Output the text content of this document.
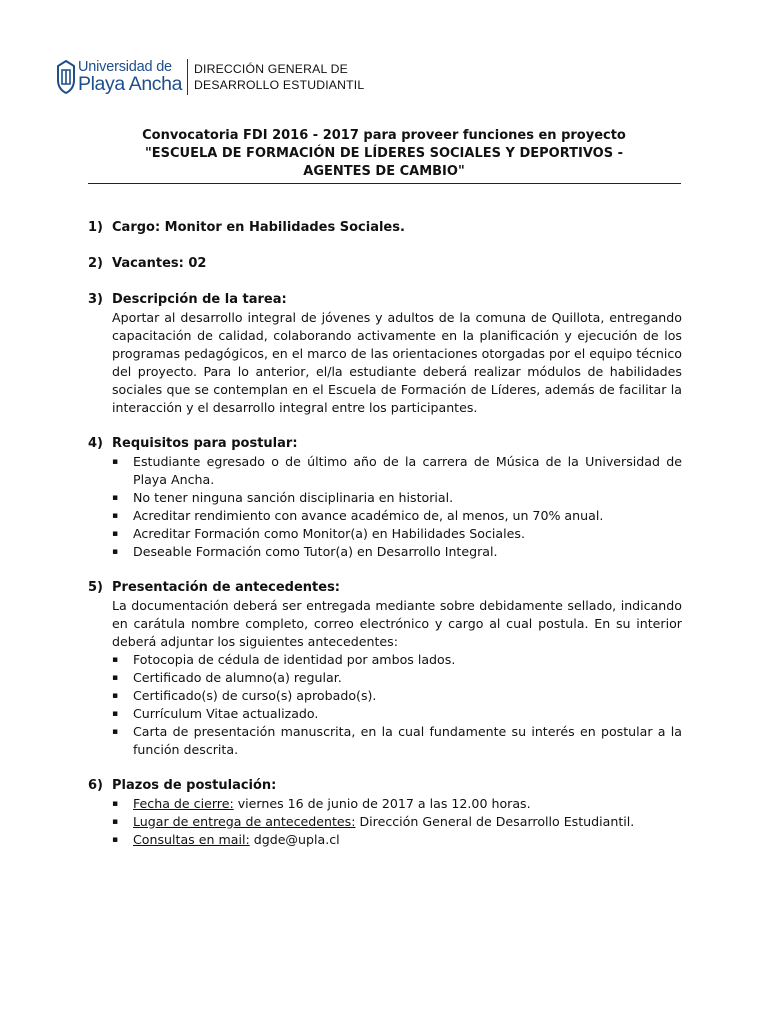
Universidad de
Playa Ancha
DIRECCIÓN GENERAL DE
DESARROLLO ESTUDIANTIL
Convocatoria FDI 2016 - 2017 para proveer funciones en proyecto
"ESCUELA DE FORMACIÓN DE LÍDERES SOCIALES Y DEPORTIVOS -
AGENTES DE CAMBIO"
1) Cargo: Monitor en Habilidades Sociales.
2) Vacantes: 02
3) Descripción de la tarea:
Aportar al desarrollo integral de jóvenes y adultos de la comuna de Quillota, entregando capacitación de calidad, colaborando activamente en la planificación y ejecución de los programas pedagógicos, en el marco de las orientaciones otorgadas por el equipo técnico del proyecto. Para lo anterior, el/la estudiante deberá realizar módulos de habilidades sociales que se contemplan en el Escuela de Formación de Líderes, además de facilitar la interacción y el desarrollo integral entre los participantes.
4) Requisitos para postular:
▪	Estudiante egresado o de último año de la carrera de Música de la Universidad de Playa Ancha.
▪	No tener ninguna sanción disciplinaria en historial.
▪	Acreditar rendimiento con avance académico de, al menos, un 70% anual.
▪	Acreditar Formación como Monitor(a) en Habilidades Sociales.
▪	Deseable Formación como Tutor(a) en Desarrollo Integral.
5) Presentación de antecedentes:
La documentación deberá ser entregada mediante sobre debidamente sellado, indicando en carátula nombre completo, correo electrónico y cargo al cual postula. En su interior deberá adjuntar los siguientes antecedentes:
▪	Fotocopia de cédula de identidad por ambos lados.
▪	Certificado de alumno(a) regular.
▪	Certificado(s) de curso(s) aprobado(s).
▪	Currículum Vitae actualizado.
▪	Carta de presentación manuscrita, en la cual fundamente su interés en postular a la función descrita.
6) Plazos de postulación:
▪	Fecha de cierre: viernes 16 de junio de 2017 a las 12.00 horas.
▪	Lugar de entrega de antecedentes: Dirección General de Desarrollo Estudiantil.
▪	Consultas en mail: dgde@upla.cl
